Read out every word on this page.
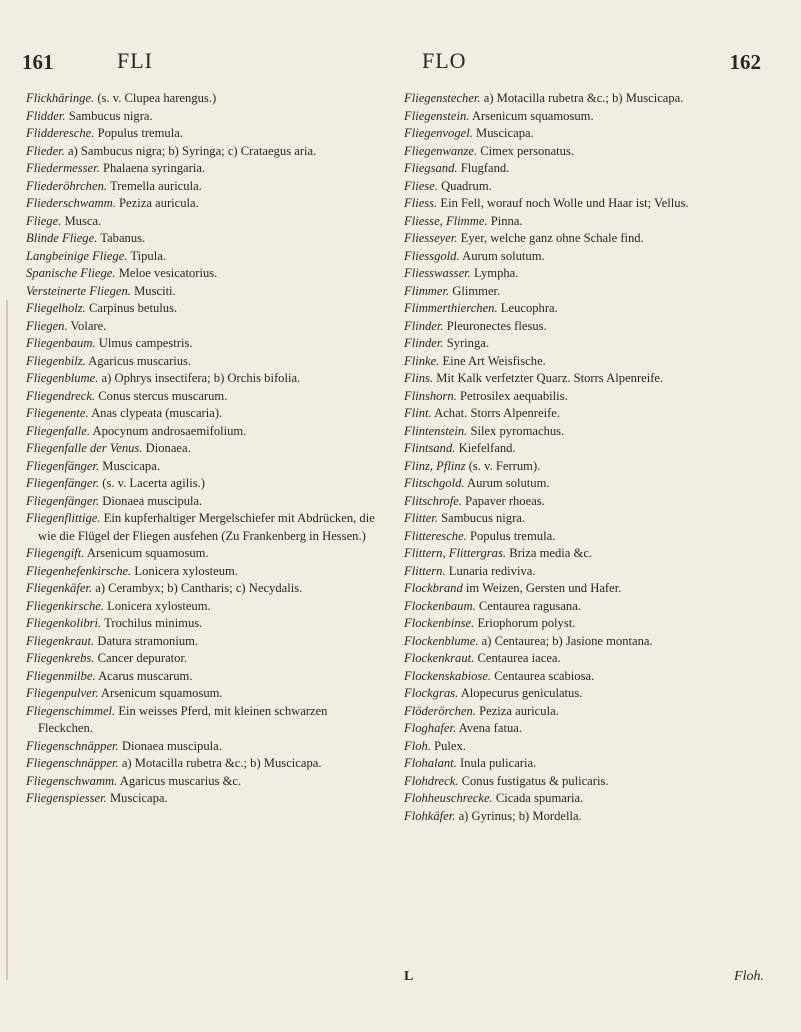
161	FLI	FLO	162

Flickhäringe. (s. v. Clupea harengus.)

Flidder. Sambucus nigra.

Flidderesche. Populus tremula.

Flieder. a) Sambucus nigra; b) Syringa; c) Crataegus aria.

Fliedermesser. Phalaena syringaria.

Fliederöhrchen. Tremella auricula.

Fliederschwamm. Peziza auricula.

Fliege. Musca.

Blinde Fliege. Tabanus.

Langbeinige Fliege. Tipula.

Spanische Fliege. Meloe vesicatorius.

Versteinerte Fliegen. Musciti.

Fliegelholz. Carpinus betulus.

Fliegen. Volare.

Fliegenbaum. Ulmus campestris.

Fliegenbilz. Agaricus muscarius.

Fliegenblume. a) Ophrys insectifera; b) Orchis bifolia.

Fliegendreck. Conus stercus muscarum.

Fliegenente. Anas clypeata (muscaria).

Fliegenfalle. Apocynum androsaemifolium.

Fliegenfalle der Venus. Dionaea.

Fliegenfänger. Muscicapa.

Fliegenfänger. (s. v. Lacerta agilis.)

Fliegenfänger. Dionaea muscipula.

Fliegenflittige. Ein kupferhaltiger Mergelschiefer mit Abdrücken, die wie die Flügel der Fliegen ausfehen (Zu Frankenberg in Hessen.)

Fliegengift. Arsenicum squamosum.

Fliegenhefenkirsche. Lonicera xylosteum.

Fliegenkäfer. a) Cerambyx; b) Cantharis; c) Necydalis.

Fliegenkirsche. Lonicera xylosteum.

Fliegenkolibri. Trochilus minimus.

Fliegenkraut. Datura stramonium.

Fliegenkrebs. Cancer depurator.

Fliegenmilbe. Acarus muscarum.

Fliegenpulver. Arsenicum squamosum.

Fliegenschimmel. Ein weisses Pferd, mit kleinen schwarzen Fleckchen.

Fliegenschnäpper. Dionaea muscipula.

Fliegenschnäpper. a) Motacilla rubetra &c.; b) Muscicapa.

Fliegenschwamm. Agaricus muscarius &c.

Fliegenspiesser. Muscicapa.

Fliegenstecher. a) Motacilla rubetra &c.; b) Muscicapa.

Fliegenstein. Arsenicum squamosum.

Fliegenvogel. Muscicapa.

Fliegenwanze. Cimex personatus.

Fliegsand. Flugfand.

Fliese. Quadrum.

Fliess. Ein Fell, worauf noch Wolle und Haar ist; Vellus.

Fliesse, Flimme. Pinna.

Fliesseyer. Eyer, welche ganz ohne Schale find.

Fliessgold. Aurum solutum.

Fliesswasser. Lympha.

Flimmer. Glimmer.

Flimmerthierchen. Leucophra.

Flinder. Pleuronectes flesus.

Flinder. Syringa.

Flinke. Eine Art Weisfische.

Flins. Mit Kalk verfetzter Quarz. Storrs Alpenreife.

Flinshorn. Petrosilex aequabilis.

Flint. Achat. Storrs Alpenreife.

Flintenstein. Silex pyromachus.

Flintsand. Kiefelfand.

Flinz, Pflinz (s. v. Ferrum).

Flitschgold. Aurum solutum.

Flitschrofe. Papaver rhoeas.

Flitter. Sambucus nigra.

Flitteresche. Populus tremula.

Flittern, Flittergras. Briza media &c.

Flittern. Lunaria rediviva.

Flockbrand im Weizen, Gersten und Hafer.

Flockenbaum. Centaurea ragusana.

Flockenbinse. Eriophorum polyst.

Flockenblume. a) Centaurea; b) Jasione montana.

Flockenkraut. Centaurea iacea.

Flockenskabiose. Centaurea scabiosa.

Flockgras. Alopecurus geniculatus.

Flöderörchen. Peziza auricula.

Floghafer. Avena fatua.

Floh. Pulex.

Flohalant. Inula pulicaria.

Flohdreck. Conus fustigatus & pulicaris.

Flohheuschrecke. Cicada spumaria.

Flohkäfer. a) Gyrinus; b) Mordella.

L	Floh.
